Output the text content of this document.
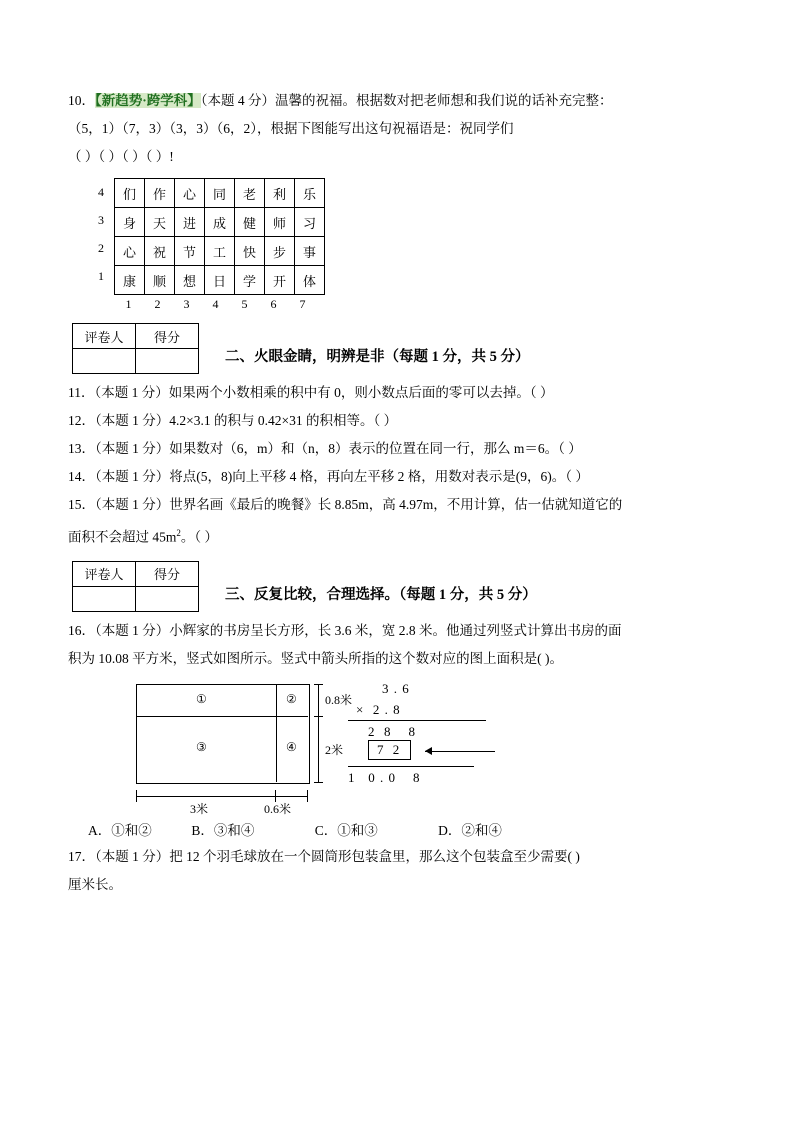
10．【新趋势·跨学科】（本题 4 分）温馨的祝福。根据数对把老师想和我们说的话补充完整：
（5，1）（7，3）（3，3）（6，2），根据下图能写出这句祝福语是：祝同学们
（ ）（ ）（ ）（ ）!
4
3
2
1
们	作	心	同	老	利	乐
身	天	进	成	健	师	习
心	祝	节	工	快	步	事
康	顺	想	日	学	开	体
1	2	3	4	5	6	7
评卷人	得分

二、火眼金睛，明辨是非（每题 1 分，共 5 分）
11．（本题 1 分）如果两个小数相乘的积中有 0，则小数点后面的零可以去掉。（ ）
12．（本题 1 分）4.2×3.1 的积与 0.42×31 的积相等。（ ）
13．（本题 1 分）如果数对（6，m）和（n，8）表示的位置在同一行，那么 m＝6。（ ）
14．（本题 1 分）将点(5，8)向上平移 4 格，再向左平移 2 格，用数对表示是(9，6)。（ ）
15．（本题 1 分）世界名画《最后的晚餐》长 8.85m，高 4.97m，不用计算，估一估就知道它的
面积不会超过 $45m^2$。（ ）
评卷人	得分

三、反复比较，合理选择。（每题 1 分，共 5 分）
16．（本题 1 分）小辉家的书房呈长方形，长 3.6 米，宽 2.8 米。他通过列竖式计算出书房的面
积为 10.08 平方米，竖式如图所示。竖式中箭头所指的这个数对应的图上面积是( )。
①	②
③	④
0.8米
2米
3米	0.6米
3 . 6
×  2 . 8
2  8    8
1   0 . 0    8
7 2
A．①和②	B．③和④	C．①和③	D．②和④
17．（本题 1 分）把 12 个羽毛球放在一个圆筒形包装盒里，那么这个包装盒至少需要( )
厘米长。
